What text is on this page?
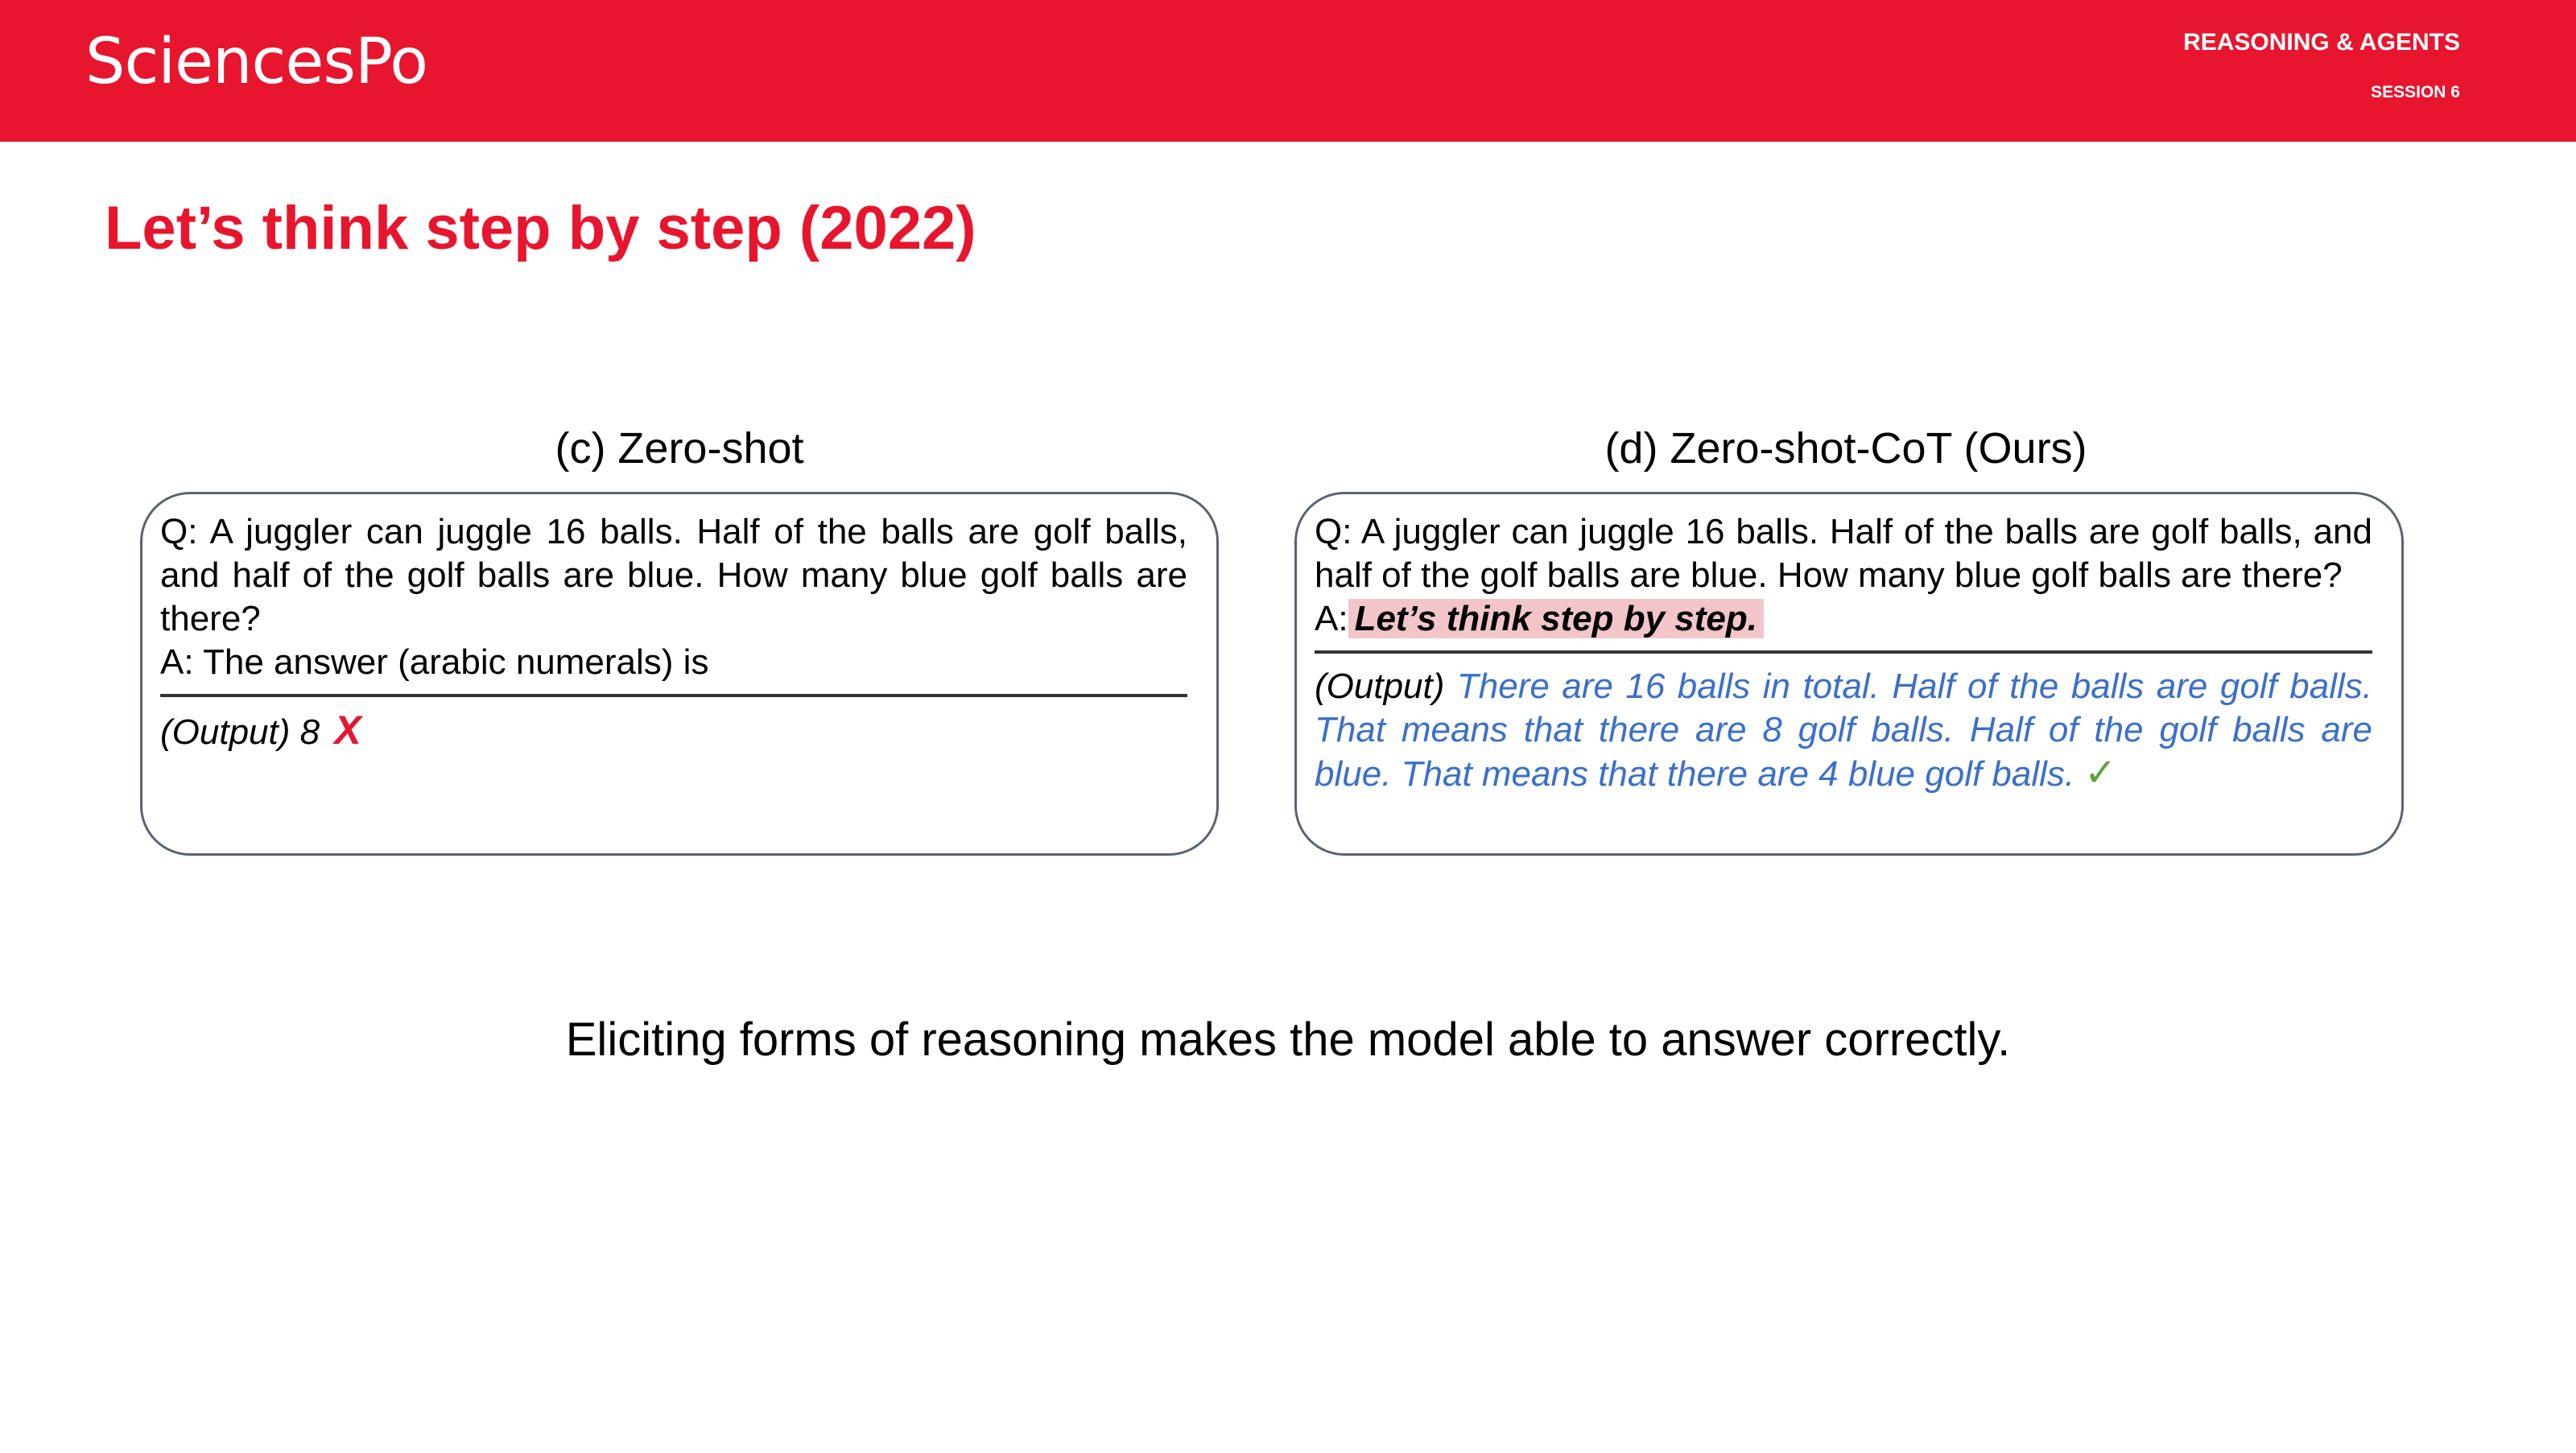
SciencesPo	REASONING & AGENTS
SESSION 6
Let’s think step by step (2022)
(c) Zero-shot	(d) Zero-shot-CoT (Ours)
Q: A juggler can juggle 16 balls. Half of the balls are golf balls, and half of the golf balls are blue. How many blue golf balls are there?
A: The answer (arabic numerals) is
(Output) 8 X
Q: A juggler can juggle 16 balls. Half of the balls are golf balls, and half of the golf balls are blue. How many blue golf balls are there?
A: Let’s think step by step.
(Output) There are 16 balls in total. Half of the balls are golf balls. That means that there are 8 golf balls. Half of the golf balls are blue. That means that there are 4 blue golf balls. ✓
Eliciting forms of reasoning makes the model able to answer correctly.
